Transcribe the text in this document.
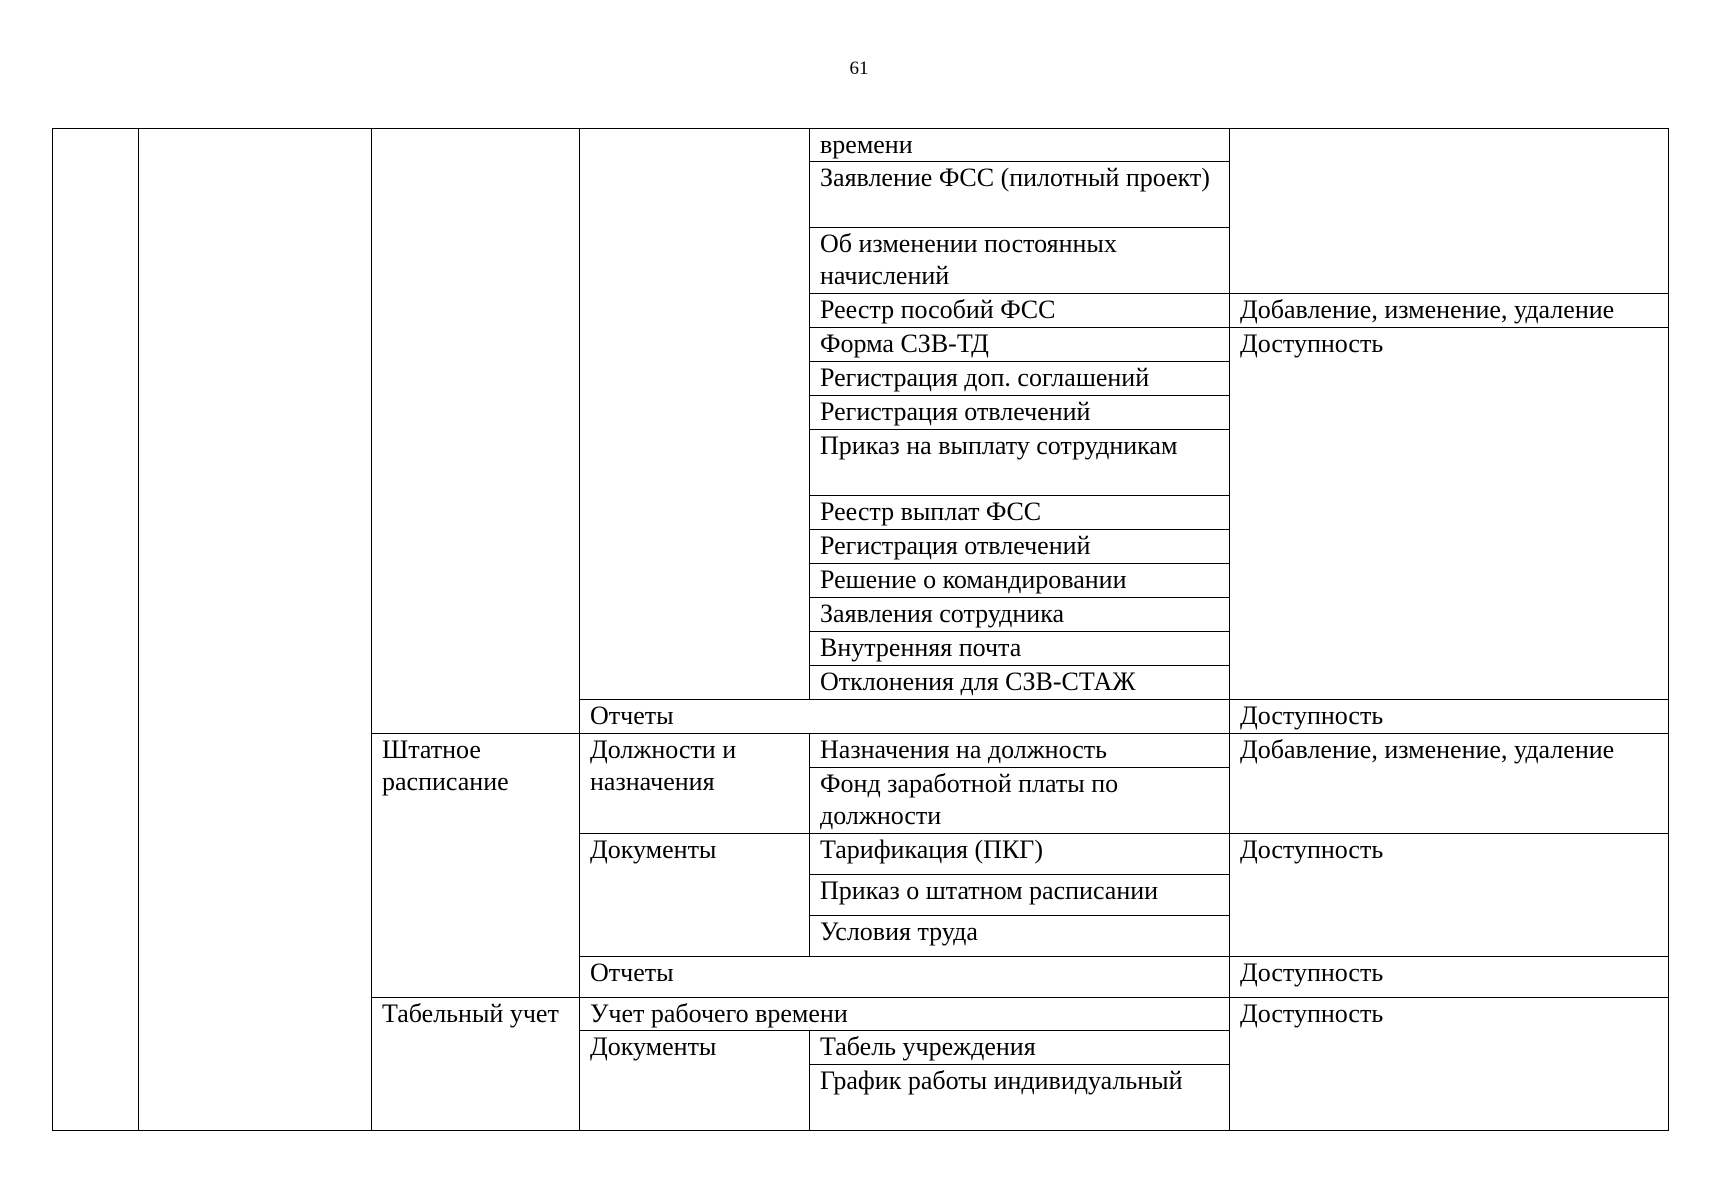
61
				времени	
				Заявление ФСС (пилотный проект)	
				Об изменении постоянных начислений	
				Реестр пособий ФСС	Добавление, изменение, удаление
				Форма СЗВ-ТД	Доступность
				Регистрация доп. соглашений	
				Регистрация отвлечений	
				Приказ на выплату сотрудникам	
				Реестр выплат ФСС	
				Регистрация отвлечений	
				Решение о командировании	
				Заявления сотрудника	
				Внутренняя почта	
				Отклонения для СЗВ-СТАЖ	
			Отчеты		Доступность
		Штатное расписание	Должности и назначения	Назначения на должность	Добавление, изменение, удаление
				Фонд заработной платы по должности	
			Документы	Тарификация (ПКГ)	Доступность
				Приказ о штатном расписании	
				Условия труда	
			Отчеты		Доступность
		Табельный учет	Учет рабочего времени		Доступность
			Документы	Табель учреждения	
				График работы индивидуальный	
